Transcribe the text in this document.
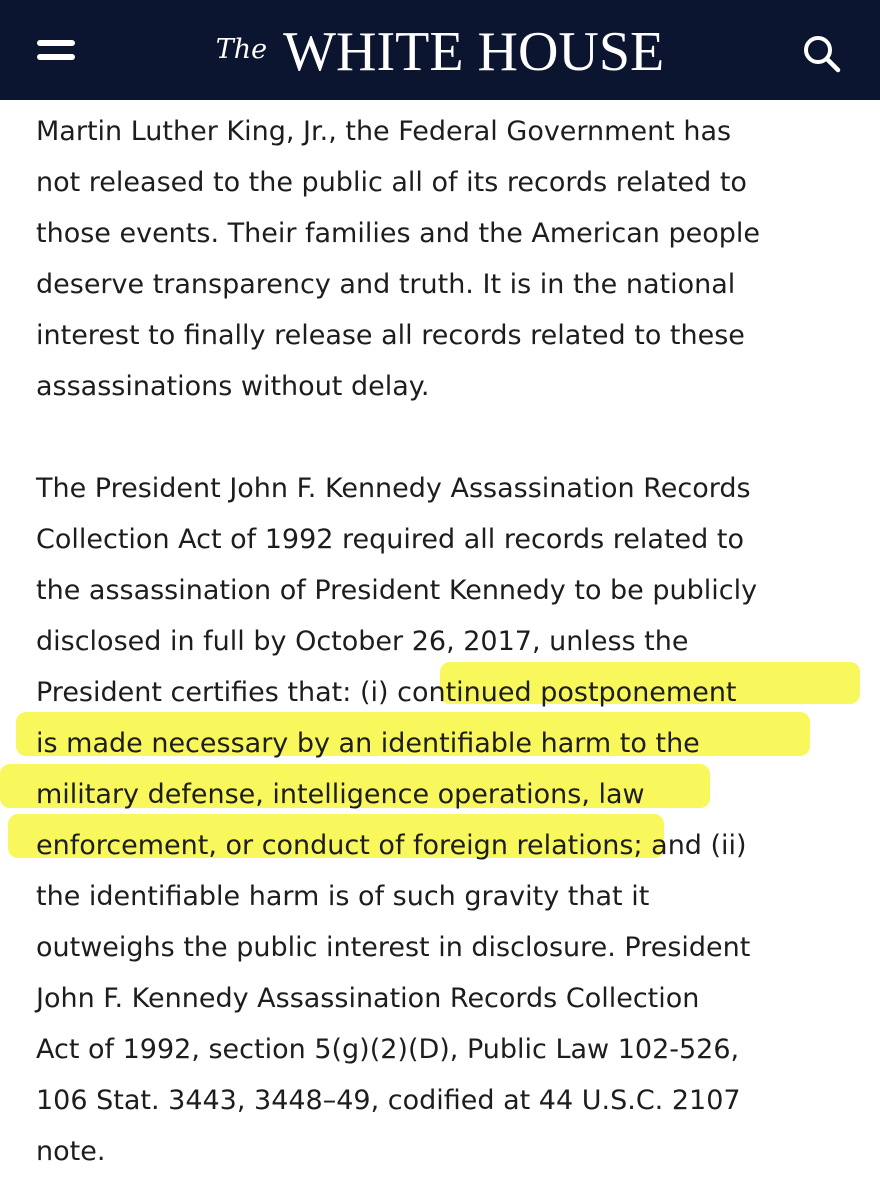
The WHITE HOUSE

Martin Luther King, Jr., the Federal Government has
not released to the public all of its records related to
those events. Their families and the American people
deserve transparency and truth. It is in the national
interest to finally release all records related to these
assassinations without delay.

The President John F. Kennedy Assassination Records
Collection Act of 1992 required all records related to
the assassination of President Kennedy to be publicly
disclosed in full by October 26, 2017, unless the
President certifies that: (i) continued postponement
is made necessary by an identifiable harm to the
military defense, intelligence operations, law
enforcement, or conduct of foreign relations; and (ii)
the identifiable harm is of such gravity that it
outweighs the public interest in disclosure. President
John F. Kennedy Assassination Records Collection
Act of 1992, section 5(g)(2)(D), Public Law 102-526,
106 Stat. 3443, 3448–49, codified at 44 U.S.C. 2107
note.
